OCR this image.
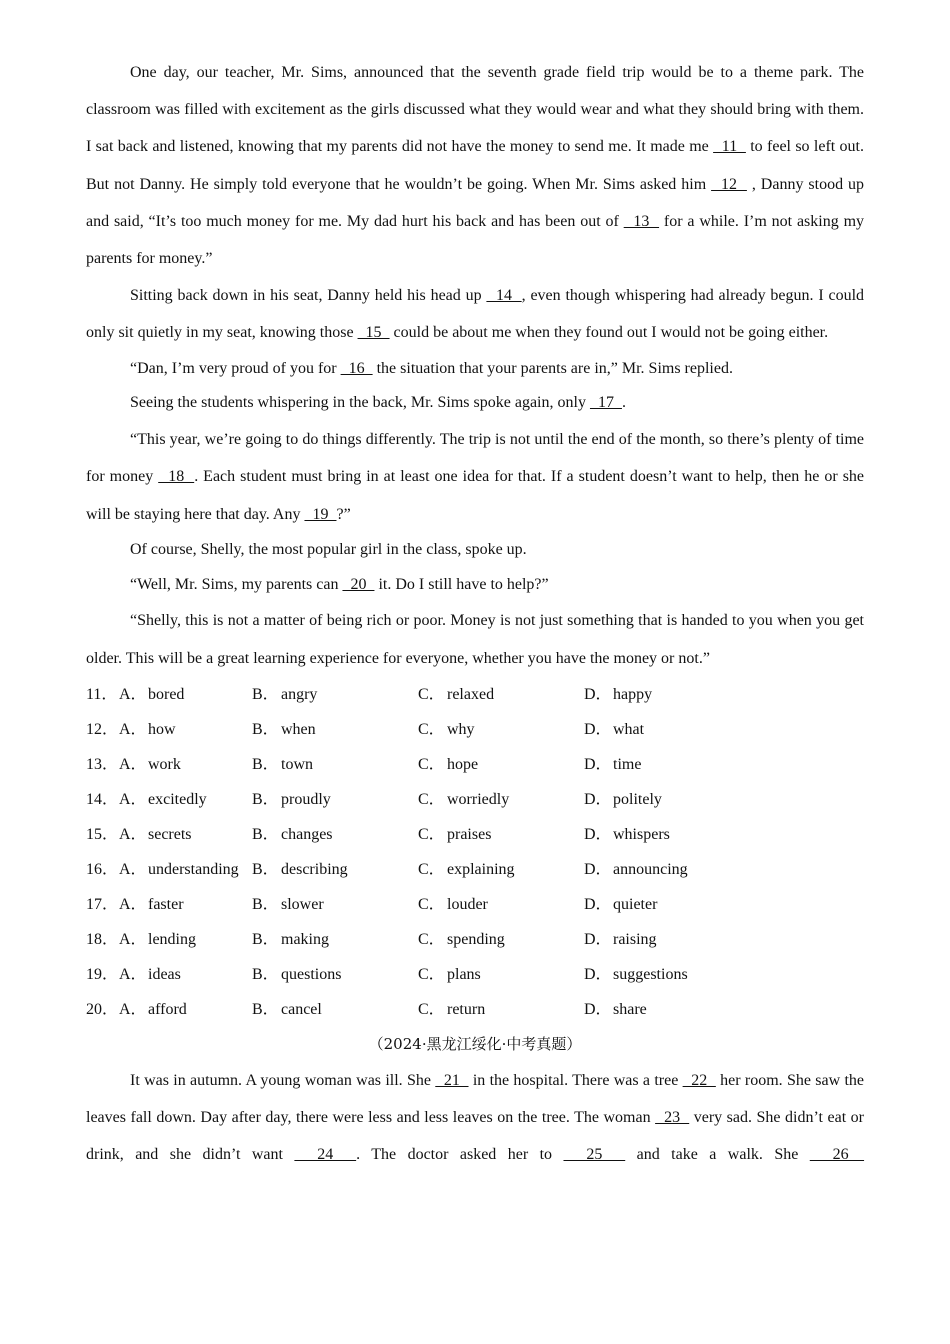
One day, our teacher, Mr. Sims, announced that the seventh grade field trip would be to a theme park. The classroom was filled with excitement as the girls discussed what they would wear and what they should bring with them. I sat back and listened, knowing that my parents did not have the money to send me. It made me   11   to feel so left out. But not Danny. He simply told everyone that he wouldn’t be going. When Mr. Sims asked him   12   , Danny stood up and said, “It’s too much money for me. My dad hurt his back and has been out of   13   for a while. I’m not asking my parents for money.”

Sitting back down in his seat, Danny held his head up   14  , even though whispering had already begun. I could only sit quietly in my seat, knowing those   15   could be about me when they found out I would not be going either.

“Dan, I’m very proud of you for   16   the situation that your parents are in,” Mr. Sims replied.

Seeing the students whispering in the back, Mr. Sims spoke again, only   17  .

“This year, we’re going to do things differently. The trip is not until the end of the month, so there’s plenty of time for money   18  . Each student must bring in at least one idea for that. If a student doesn’t want to help, then he or she will be staying here that day. Any   19  ?”

Of course, Shelly, the most popular girl in the class, spoke up.

“Well, Mr. Sims, my parents can   20   it. Do I still have to help?”

“Shelly, this is not a matter of being rich or poor. Money is not just something that is handed to you when you get older. This will be a great learning experience for everyone, whether you have the money or not.”

11． A．bored	B． angry	C． relaxed	D．happy
12． A．how	B． when	C． why	D．what
13． A．work	B． town	C． hope	D．time
14． A．excitedly	B． proudly	C． worriedly	D．politely
15． A．secrets	B． changes	C． praises	D．whispers
16． A．understanding B． describing	C． explaining	D．announcing
17． A．faster	B． slower	C． louder	D．quieter
18． A．lending	B． making	C． spending	D．raising
19． A．ideas	B． questions	C． plans	D．suggestions
20． A．afford	B． cancel	C． return	D．share
（2024·黑龙江绥化·中考真题）

It was in autumn. A young woman was ill. She   21   in the hospital. There was a tree   22   her room. She saw the leaves fall down. Day after day, there were less and less leaves on the tree. The woman   23   very sad. She didn’t eat or drink, and she didn’t want   24  . The doctor asked her to   25   and take a walk. She   26
